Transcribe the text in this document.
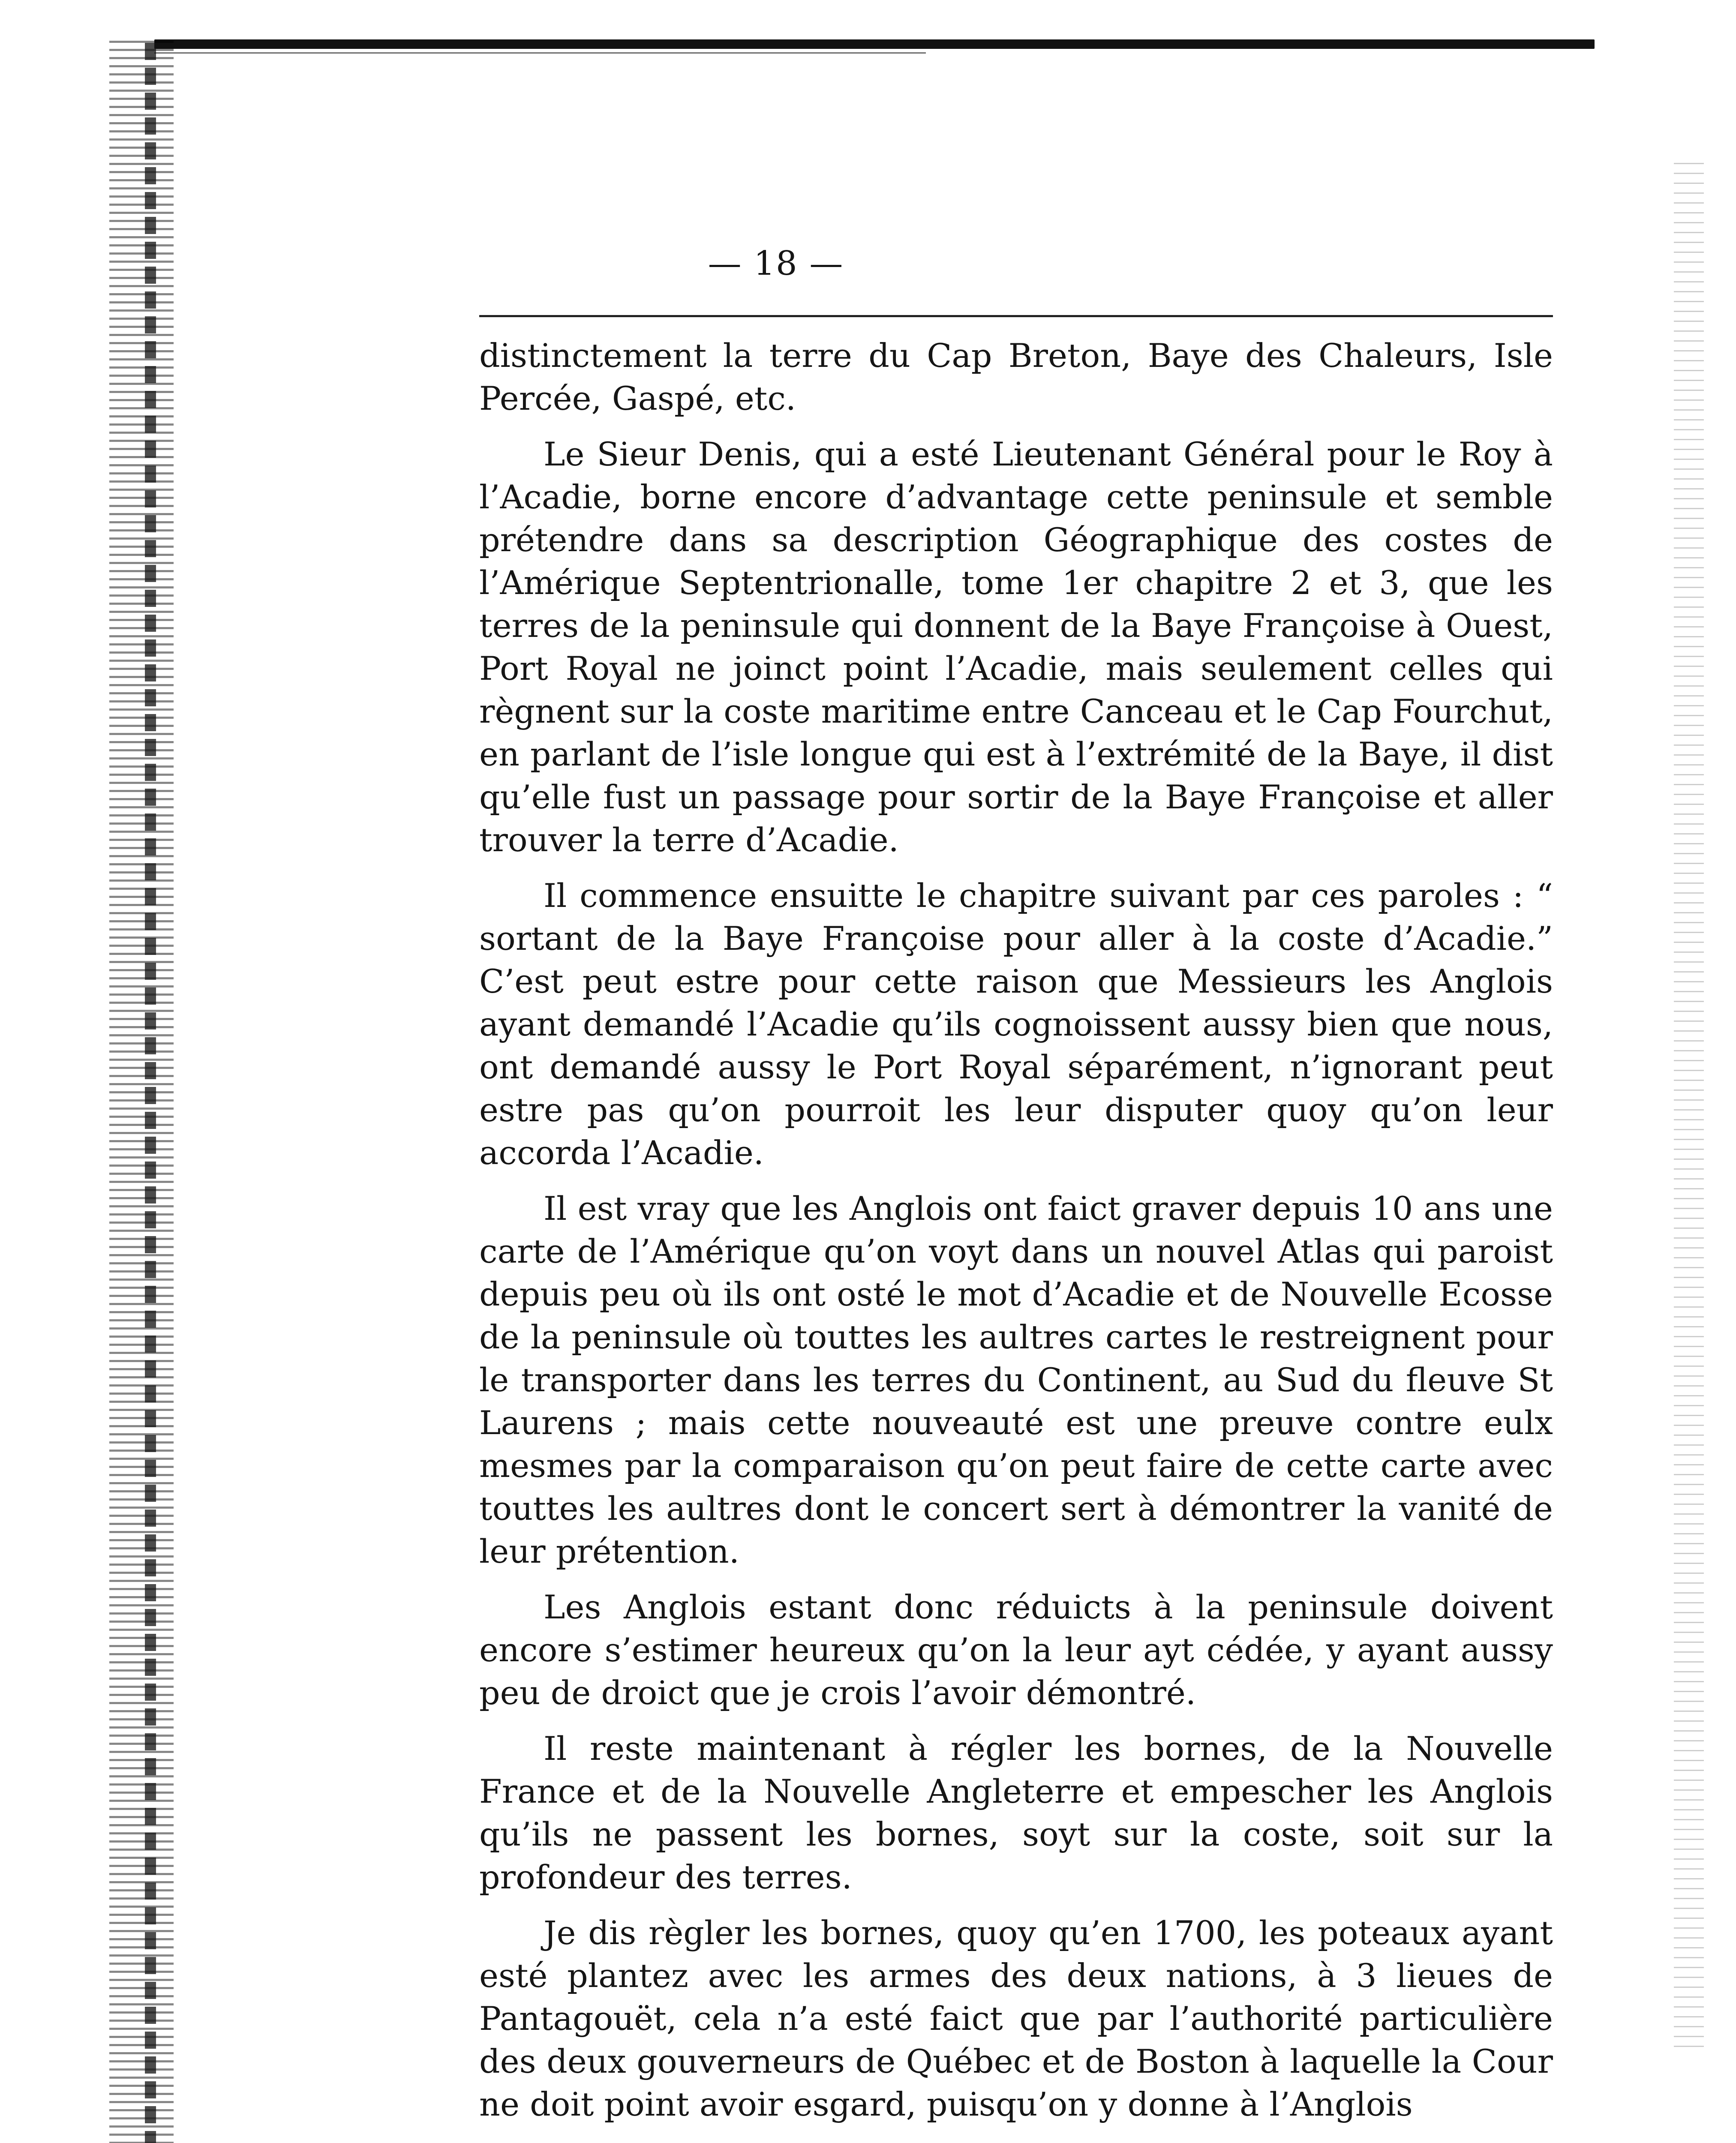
— 18 —

distinctement la terre du Cap Breton, Baye des Chaleurs, Isle Percée, Gaspé, etc.

Le Sieur Denis, qui a esté Lieutenant Général pour le Roy à l’Acadie, borne encore d’advantage cette peninsule et semble prétendre dans sa description Géographique des costes de l’Amérique Septentrionalle, tome 1er chapitre 2 et 3, que les terres de la peninsule qui donnent de la Baye Françoise à Ouest, Port Royal ne joinct point l’Acadie, mais seulement celles qui règnent sur la coste maritime entre Canceau et le Cap Fourchut, en parlant de l’isle longue qui est à l’extrémité de la Baye, il dist qu’elle fust un passage pour sortir de la Baye Françoise et aller trouver la terre d’Acadie.

Il commence ensuitte le chapitre suivant par ces paroles : “ sortant de la Baye Françoise pour aller à la coste d’Acadie.” C’est peut estre pour cette raison que Messieurs les Anglois ayant demandé l’Acadie qu’ils cognoissent aussy bien que nous, ont demandé aussy le Port Royal séparément, n’ignorant peut estre pas qu’on pourroit les leur disputer quoy qu’on leur accorda l’Acadie.

Il est vray que les Anglois ont faict graver depuis 10 ans une carte de l’Amérique qu’on voyt dans un nouvel Atlas qui paroist depuis peu où ils ont osté le mot d’Acadie et de Nouvelle Ecosse de la peninsule où touttes les aultres cartes le restreignent pour le transporter dans les terres du Continent, au Sud du fleuve St Laurens ; mais cette nouveauté est une preuve contre eulx mesmes par la comparaison qu’on peut faire de cette carte avec touttes les aultres dont le concert sert à démontrer la vanité de leur prétention.

Les Anglois estant donc réduicts à la peninsule doivent encore s’estimer heureux qu’on la leur ayt cédée, y ayant aussy peu de droict que je crois l’avoir démontré.

Il reste maintenant à régler les bornes, de la Nouvelle France et de la Nouvelle Angleterre et empescher les Anglois qu’ils ne passent les bornes, soyt sur la coste, soit sur la profondeur des terres.

Je dis règler les bornes, quoy qu’en 1700, les poteaux ayant esté plantez avec les armes des deux nations, à 3 lieues de Pantagouët, cela n’a esté faict que par l’authorité particulière des deux gouverneurs de Québec et de Boston à laquelle la Cour ne doit point avoir esgard, puisqu’on y donne à l’Anglois
